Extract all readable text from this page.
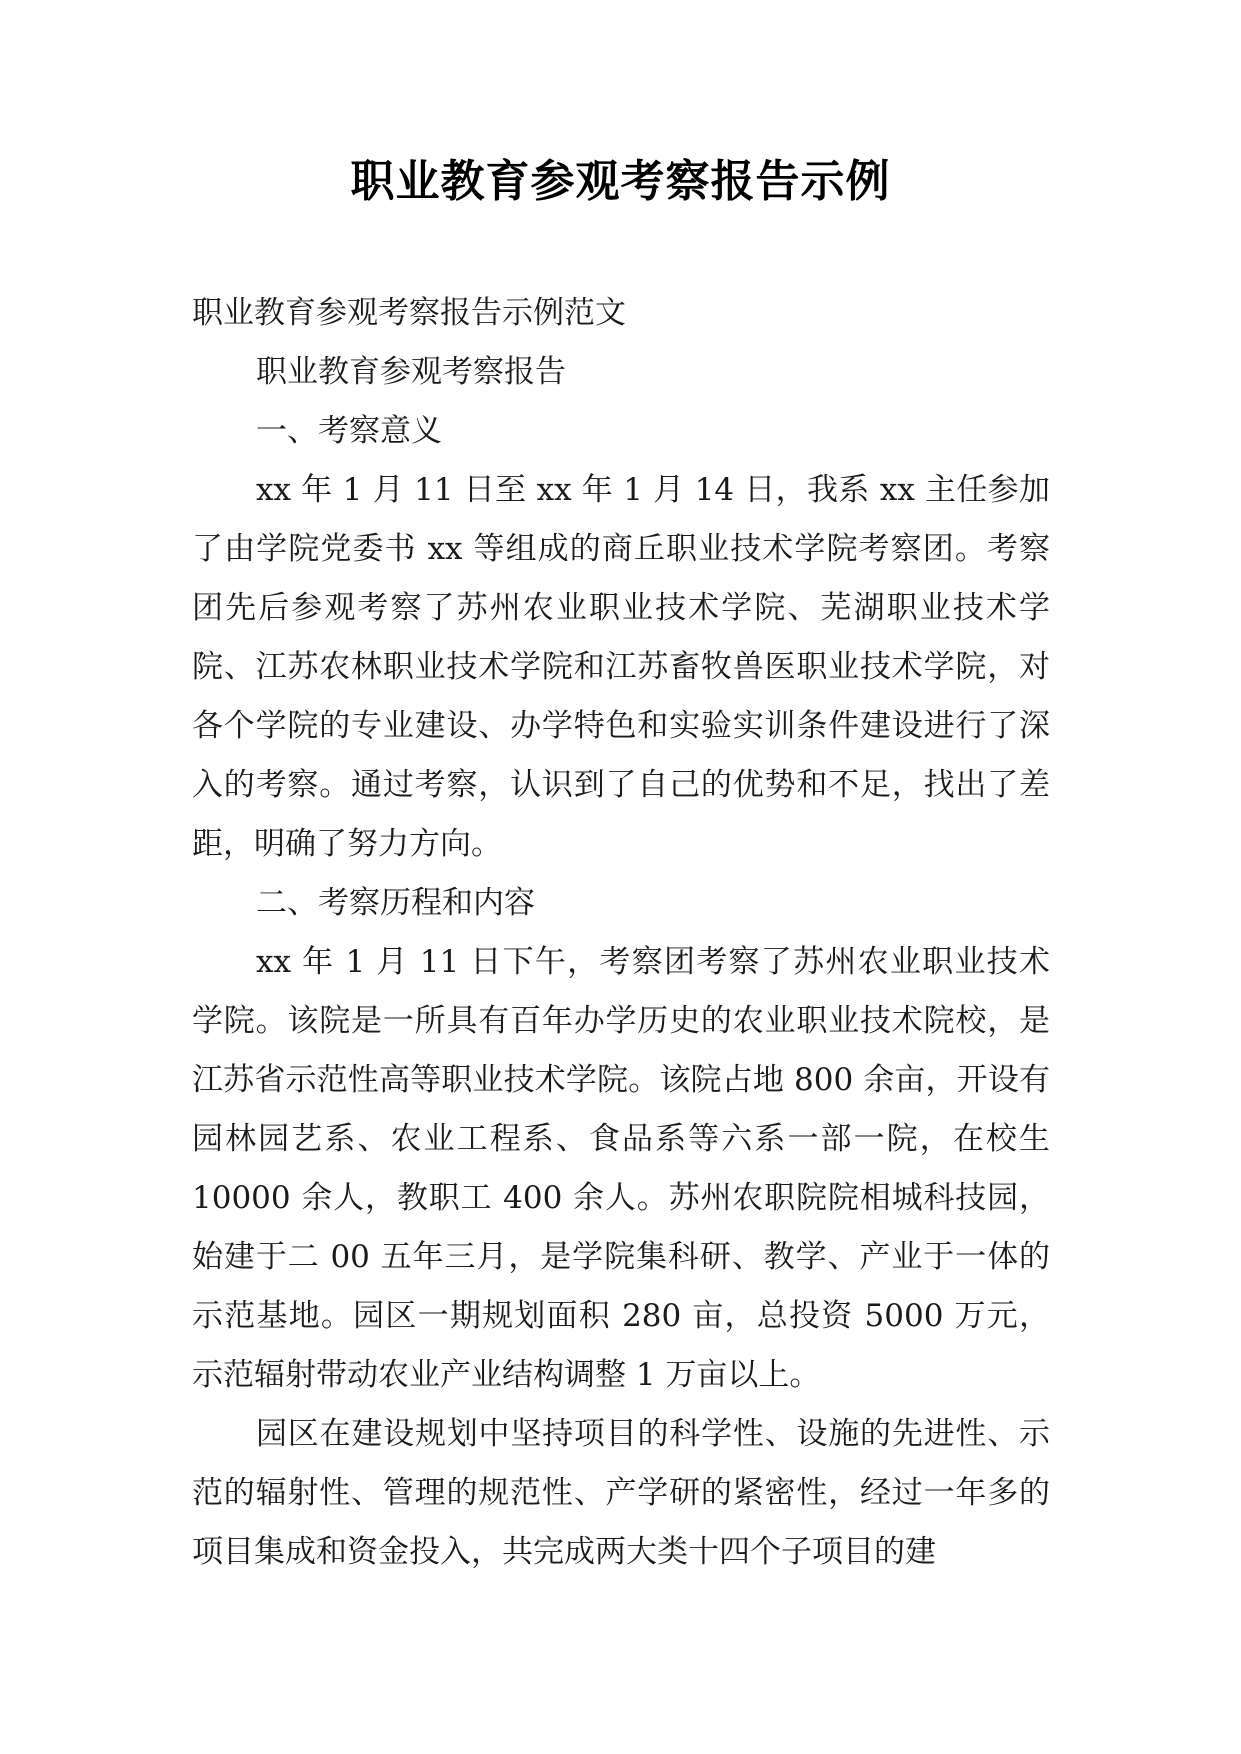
职业教育参观考察报告示例

职业教育参观考察报告示例范文

职业教育参观考察报告

一、考察意义

xx 年 1 月 11 日至 xx 年 1 月 14 日，我系 xx 主任参加了由学院党委书 xx 等组成的商丘职业技术学院考察团。考察团先后参观考察了苏州农业职业技术学院、芜湖职业技术学院、江苏农林职业技术学院和江苏畜牧兽医职业技术学院，对各个学院的专业建设、办学特色和实验实训条件建设进行了深入的考察。通过考察，认识到了自己的优势和不足，找出了差距，明确了努力方向。

二、考察历程和内容

xx 年 1 月 11 日下午，考察团考察了苏州农业职业技术学院。该院是一所具有百年办学历史的农业职业技术院校，是江苏省示范性高等职业技术学院。该院占地 800 余亩，开设有园林园艺系、农业工程系、食品系等六系一部一院，在校生 10000 余人，教职工 400 余人。苏州农职院院相城科技园，始建于二 00 五年三月，是学院集科研、教学、产业于一体的示范基地。园区一期规划面积 280 亩，总投资 5000 万元，示范辐射带动农业产业结构调整 1 万亩以上。

园区在建设规划中坚持项目的科学性、设施的先进性、示范的辐射性、管理的规范性、产学研的紧密性，经过一年多的项目集成和资金投入，共完成两大类十四个子项目的建
